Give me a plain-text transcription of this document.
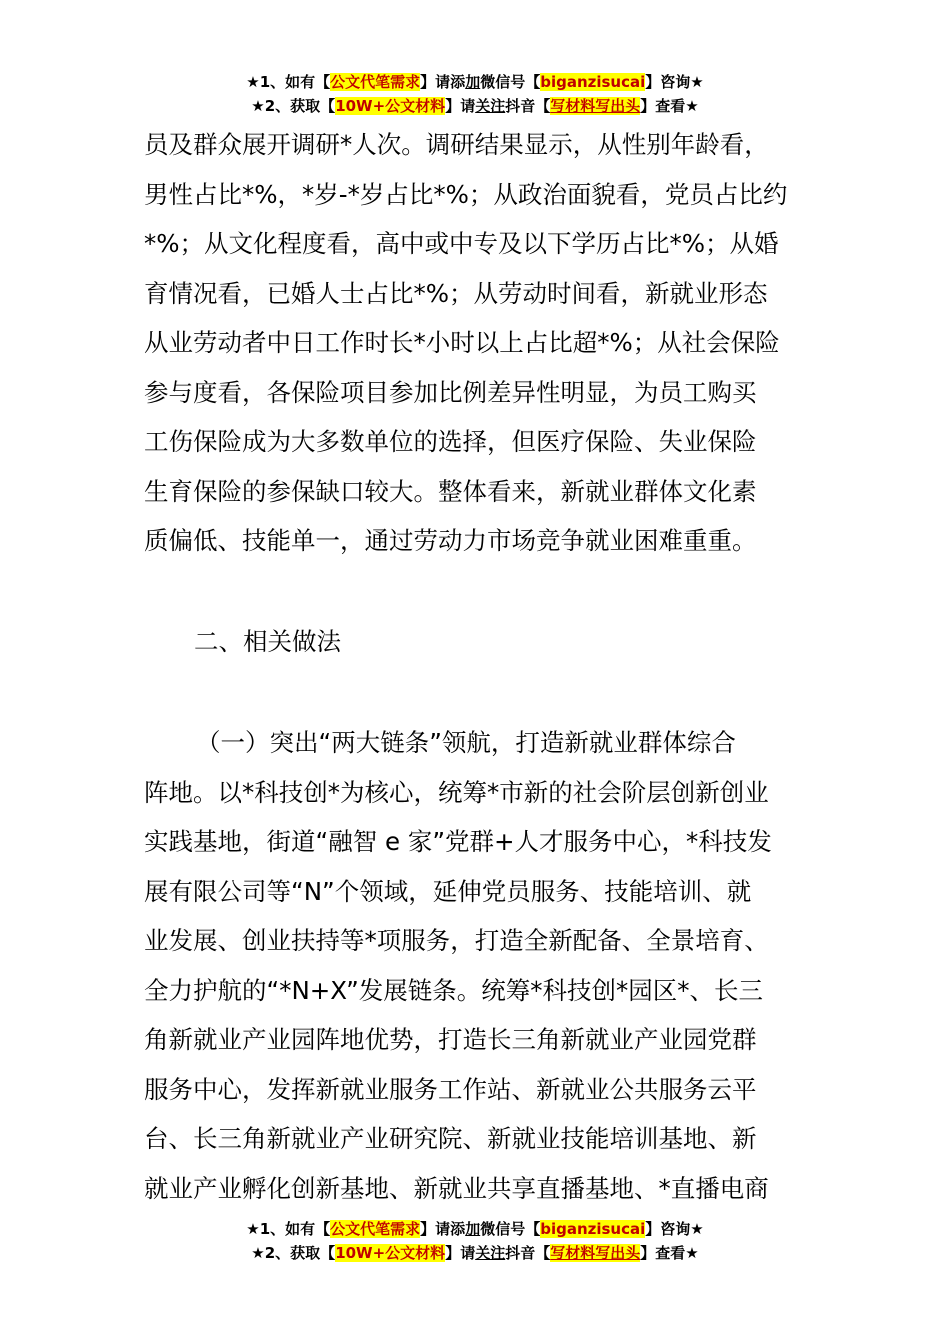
★1、如有【公文代笔需求】请添加微信号【biganzisucai】咨询★
★2、获取【10W+公文材料】请关注抖音【写材料写出头】查看★
员及群众展开调研*人次。调研结果显示，从性别年龄看，
男性占比*%，*岁-*岁占比*%；从政治面貌看，党员占比约
*%；从文化程度看，高中或中专及以下学历占比*%；从婚
育情况看，已婚人士占比*%；从劳动时间看，新就业形态
从业劳动者中日工作时长*小时以上占比超*%；从社会保险
参与度看，各保险项目参加比例差异性明显，为员工购买
工伤保险成为大多数单位的选择，但医疗保险、失业保险
生育保险的参保缺口较大。整体看来，新就业群体文化素
质偏低、技能单一，通过劳动力市场竞争就业困难重重。
二、相关做法
（一）突出“两大链条”领航，打造新就业群体综合
阵地。以*科技创*为核心，统筹*市新的社会阶层创新创业
实践基地，街道“融智 e 家”党群+人才服务中心，*科技发
展有限公司等“N”个领域，延伸党员服务、技能培训、就
业发展、创业扶持等*项服务，打造全新配备、全景培育、
全力护航的“*N+X”发展链条。统筹*科技创*园区*、长三
角新就业产业园阵地优势，打造长三角新就业产业园党群
服务中心，发挥新就业服务工作站、新就业公共服务云平
台、长三角新就业产业研究院、新就业技能培训基地、新
就业产业孵化创新基地、新就业共享直播基地、*直播电商
★1、如有【公文代笔需求】请添加微信号【biganzisucai】咨询★
★2、获取【10W+公文材料】请关注抖音【写材料写出头】查看★
